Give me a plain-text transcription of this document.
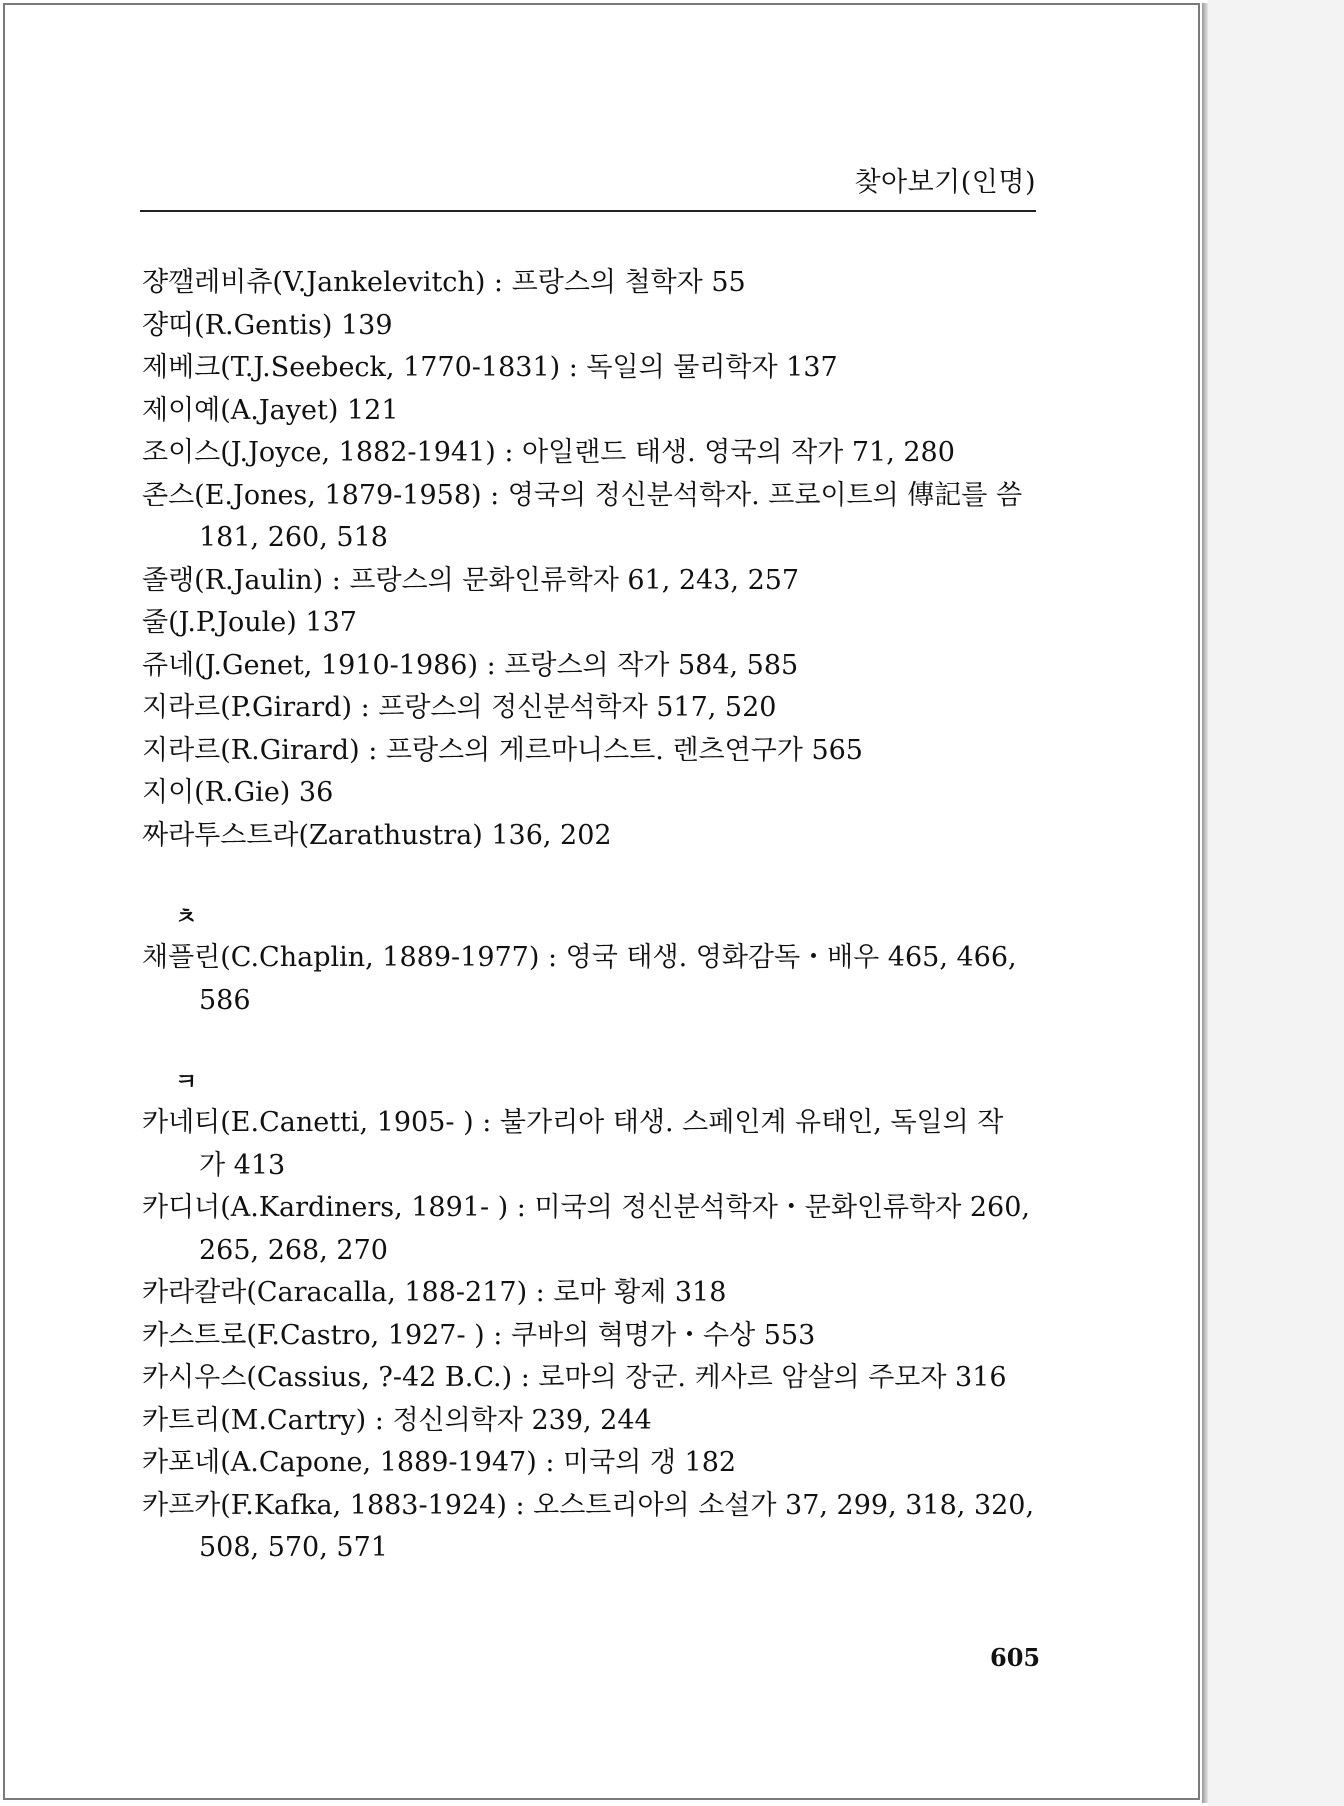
찾아보기(인명)
쟝깰레비츄(V.Jankelevitch) : 프랑스의 철학자 55
쟝띠(R.Gentis) 139
제베크(T.J.Seebeck, 1770-1831) : 독일의 물리학자 137
제이예(A.Jayet) 121
조이스(J.Joyce, 1882-1941) : 아일랜드 태생. 영국의 작가 71, 280
존스(E.Jones, 1879-1958) : 영국의 정신분석학자. 프로이트의 傳記를 씀
181, 260, 518
졸랭(R.Jaulin) : 프랑스의 문화인류학자 61, 243, 257
줄(J.P.Joule) 137
쥬네(J.Genet, 1910-1986) : 프랑스의 작가 584, 585
지라르(P.Girard) : 프랑스의 정신분석학자 517, 520
지라르(R.Girard) : 프랑스의 게르마니스트. 렌츠연구가 565
지이(R.Gie) 36
짜라투스트라(Zarathustra) 136, 202
ㅊ
채플린(C.Chaplin, 1889-1977) : 영국 태생. 영화감독・배우 465, 466,
586
ㅋ
카네티(E.Canetti, 1905- ) : 불가리아 태생. 스페인계 유태인, 독일의 작
가 413
카디너(A.Kardiners, 1891- ) : 미국의 정신분석학자・문화인류학자 260,
265, 268, 270
카라칼라(Caracalla, 188-217) : 로마 황제 318
카스트로(F.Castro, 1927- ) : 쿠바의 혁명가・수상 553
카시우스(Cassius, ?-42 B.C.) : 로마의 장군. 케사르 암살의 주모자 316
카트리(M.Cartry) : 정신의학자 239, 244
카포네(A.Capone, 1889-1947) : 미국의 갱 182
카프카(F.Kafka, 1883-1924) : 오스트리아의 소설가 37, 299, 318, 320,
508, 570, 571
605
